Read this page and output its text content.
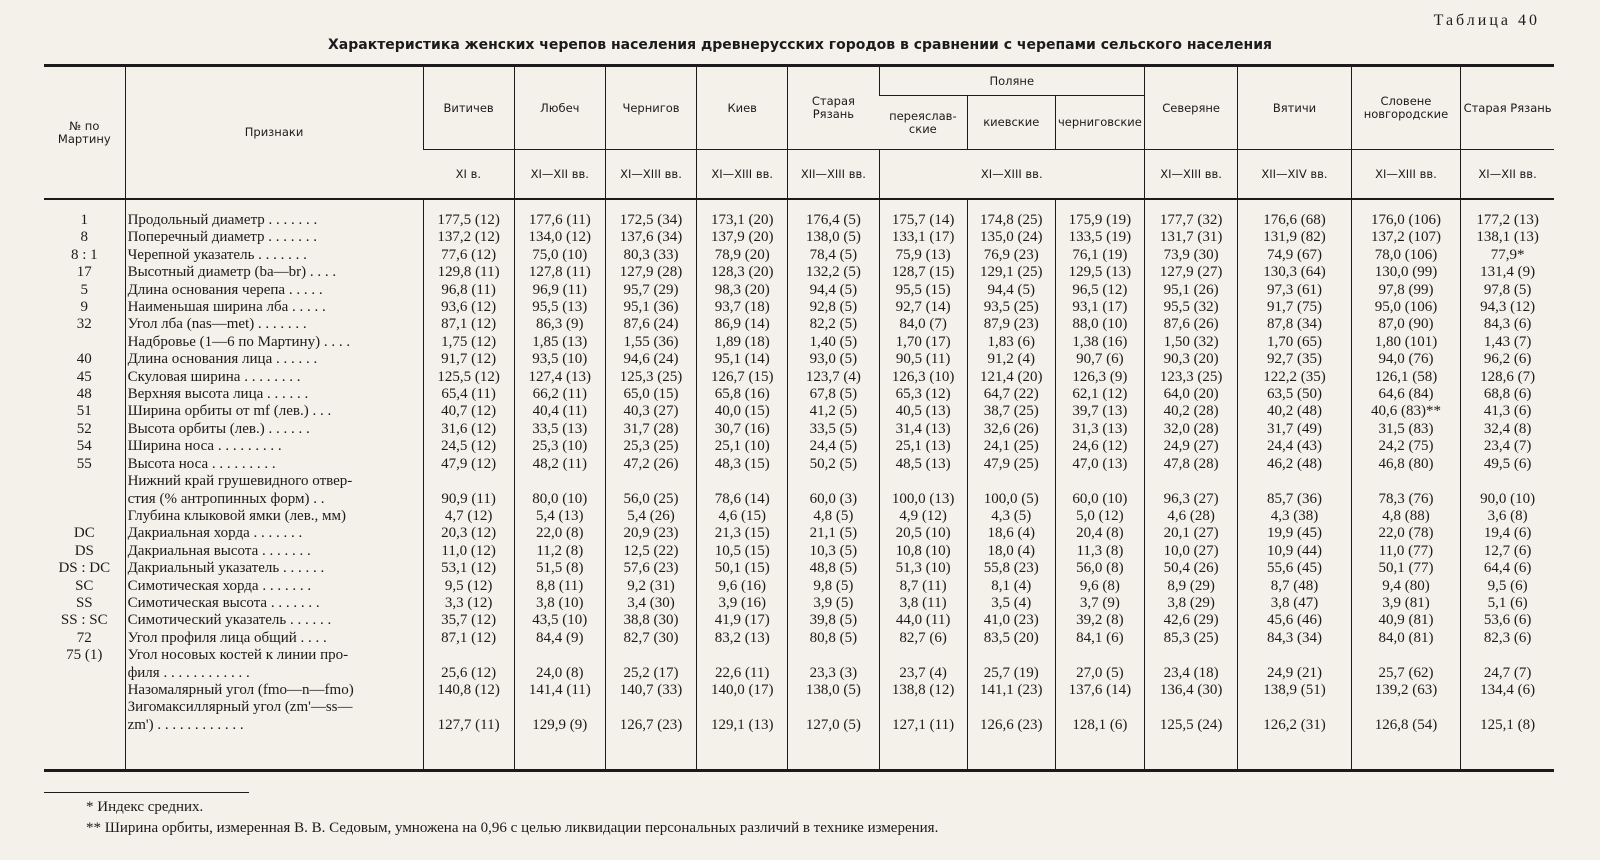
Таблица 40
Характеристика женских черепов населения древнерусских городов в сравнении с черепами сельского населения
№ по Мартину	Признаки	Витичев	Любеч	Чернигов	Киев	Старая Рязань	Поляне			Северяне	Вятичи	Словене новгородские	Старая Рязань
							переяслав-ские	киевские	черниговские				
		XI в.	XI—XII вв.	XI—XIII вв.	XI—XIII вв.	XII—XIII вв.	XI—XIII вв.			XI—XIII вв.	XII—XIV вв.	XI—XIII вв.	XI—XII вв.

1	Продольный диаметр . . . . . . .	177,5 (12)	177,6 (11)	172,5 (34)	173,1 (20)	176,4 (5)	175,7 (14)	174,8 (25)	175,9 (19)	177,7 (32)	176,6 (68)	176,0 (106)	177,2 (13)
8	Поперечный диаметр . . . . . . .	137,2 (12)	134,0 (12)	137,6 (34)	137,9 (20)	138,0 (5)	133,1 (17)	135,0 (24)	133,5 (19)	131,7 (31)	131,9 (82)	137,2 (107)	138,1 (13)
8 : 1	Черепной указатель . . . . . . .	77,6 (12)	75,0 (10)	80,3 (33)	78,9 (20)	78,4 (5)	75,9 (13)	76,9 (23)	76,1 (19)	73,9 (30)	74,9 (67)	78,0 (106)	77,9*
17	Высотный диаметр (ba—br) . . . .	129,8 (11)	127,8 (11)	127,9 (28)	128,3 (20)	132,2 (5)	128,7 (15)	129,1 (25)	129,5 (13)	127,9 (27)	130,3 (64)	130,0 (99)	131,4 (9)
5	Длина основания черепа . . . . .	96,8 (11)	96,9 (11)	95,7 (29)	98,3 (20)	94,4 (5)	95,5 (15)	94,4 (5)	96,5 (12)	95,1 (26)	97,3 (61)	97,8 (99)	97,8 (5)
9	Наименьшая ширина лба . . . . .	93,6 (12)	95,5 (13)	95,1 (36)	93,7 (18)	92,8 (5)	92,7 (14)	93,5 (25)	93,1 (17)	95,5 (32)	91,7 (75)	95,0 (106)	94,3 (12)
32	Угол лба (nas—met) . . . . . . .	87,1 (12)	86,3 (9)	87,6 (24)	86,9 (14)	82,2 (5)	84,0 (7)	87,9 (23)	88,0 (10)	87,6 (26)	87,8 (34)	87,0 (90)	84,3 (6)
	Надбровье (1—6 по Мартину) . . . .	1,75 (12)	1,85 (13)	1,55 (36)	1,89 (18)	1,40 (5)	1,70 (17)	1,83 (6)	1,38 (16)	1,50 (32)	1,70 (65)	1,80 (101)	1,43 (7)
40	Длина основания лица . . . . . .	91,7 (12)	93,5 (10)	94,6 (24)	95,1 (14)	93,0 (5)	90,5 (11)	91,2 (4)	90,7 (6)	90,3 (20)	92,7 (35)	94,0 (76)	96,2 (6)
45	Скуловая ширина . . . . . . . .	125,5 (12)	127,4 (13)	125,3 (25)	126,7 (15)	123,7 (4)	126,3 (10)	121,4 (20)	126,3 (9)	123,3 (25)	122,2 (35)	126,1 (58)	128,6 (7)
48	Верхняя высота лица . . . . . .	65,4 (11)	66,2 (11)	65,0 (15)	65,8 (16)	67,8 (5)	65,3 (12)	64,7 (22)	62,1 (12)	64,0 (20)	63,5 (50)	64,6 (84)	68,8 (6)
51	Ширина орбиты от mf (лев.) . . .	40,7 (12)	40,4 (11)	40,3 (27)	40,0 (15)	41,2 (5)	40,5 (13)	38,7 (25)	39,7 (13)	40,2 (28)	40,2 (48)	40,6 (83)**	41,3 (6)
52	Высота орбиты (лев.) . . . . . .	31,6 (12)	33,5 (13)	31,7 (28)	30,7 (16)	33,5 (5)	31,4 (13)	32,6 (26)	31,3 (13)	32,0 (28)	31,7 (49)	31,5 (83)	32,4 (8)
54	Ширина носа . . . . . . . . .	24,5 (12)	25,3 (10)	25,3 (25)	25,1 (10)	24,4 (5)	25,1 (13)	24,1 (25)	24,6 (12)	24,9 (27)	24,4 (43)	24,2 (75)	23,4 (7)
55	Высота носа . . . . . . . . .	47,9 (12)	48,2 (11)	47,2 (26)	48,3 (15)	50,2 (5)	48,5 (13)	47,9 (25)	47,0 (13)	47,8 (28)	46,2 (48)	46,8 (80)	49,5 (6)
	Нижний край грушевидного отвер-												
	стия (% антропинных форм) . .	90,9 (11)	80,0 (10)	56,0 (25)	78,6 (14)	60,0 (3)	100,0 (13)	100,0 (5)	60,0 (10)	96,3 (27)	85,7 (36)	78,3 (76)	90,0 (10)
	Глубина клыковой ямки (лев., мм)	4,7 (12)	5,4 (13)	5,4 (26)	4,6 (15)	4,8 (5)	4,9 (12)	4,3 (5)	5,0 (12)	4,6 (28)	4,3 (38)	4,8 (88)	3,6 (8)
DC	Дакриальная хорда . . . . . . .	20,3 (12)	22,0 (8)	20,9 (23)	21,3 (15)	21,1 (5)	20,5 (10)	18,6 (4)	20,4 (8)	20,1 (27)	19,9 (45)	22,0 (78)	19,4 (6)
DS	Дакриальная высота . . . . . . .	11,0 (12)	11,2 (8)	12,5 (22)	10,5 (15)	10,3 (5)	10,8 (10)	18,0 (4)	11,3 (8)	10,0 (27)	10,9 (44)	11,0 (77)	12,7 (6)
DS : DC	Дакриальный указатель . . . . . .	53,1 (12)	51,5 (8)	57,6 (23)	50,1 (15)	48,8 (5)	51,3 (10)	55,8 (23)	56,0 (8)	50,4 (26)	55,6 (45)	50,1 (77)	64,4 (6)
SC	Симотическая хорда . . . . . . .	9,5 (12)	8,8 (11)	9,2 (31)	9,6 (16)	9,8 (5)	8,7 (11)	8,1 (4)	9,6 (8)	8,9 (29)	8,7 (48)	9,4 (80)	9,5 (6)
SS	Симотическая высота . . . . . . .	3,3 (12)	3,8 (10)	3,4 (30)	3,9 (16)	3,9 (5)	3,8 (11)	3,5 (4)	3,7 (9)	3,8 (29)	3,8 (47)	3,9 (81)	5,1 (6)
SS : SC	Симотический указатель . . . . . .	35,7 (12)	43,5 (10)	38,8 (30)	41,9 (17)	39,8 (5)	44,0 (11)	41,0 (23)	39,2 (8)	42,6 (29)	45,6 (46)	40,9 (81)	53,6 (6)
72	Угол профиля лица общий . . . .	87,1 (12)	84,4 (9)	82,7 (30)	83,2 (13)	80,8 (5)	82,7 (6)	83,5 (20)	84,1 (6)	85,3 (25)	84,3 (34)	84,0 (81)	82,3 (6)
75 (1)	Угол носовых костей к линии про-												
	филя . . . . . . . . . . . .	25,6 (12)	24,0 (8)	25,2 (17)	22,6 (11)	23,3 (3)	23,7 (4)	25,7 (19)	27,0 (5)	23,4 (18)	24,9 (21)	25,7 (62)	24,7 (7)
	Назомалярный угол (fmo—n—fmo)	140,8 (12)	141,4 (11)	140,7 (33)	140,0 (17)	138,0 (5)	138,8 (12)	141,1 (23)	137,6 (14)	136,4 (30)	138,9 (51)	139,2 (63)	134,4 (6)
	Зигомаксиллярный угол (zm'—ss—												
	zm') . . . . . . . . . . . .	127,7 (11)	129,9 (9)	126,7 (23)	129,1 (13)	127,0 (5)	127,1 (11)	126,6 (23)	128,1 (6)	125,5 (24)	126,2 (31)	126,8 (54)	125,1 (8)

* Индекс средних.
** Ширина орбиты, измеренная В. В. Седовым, умножена на 0,96 с целью ликвидации персональных различий в технике измерения.
